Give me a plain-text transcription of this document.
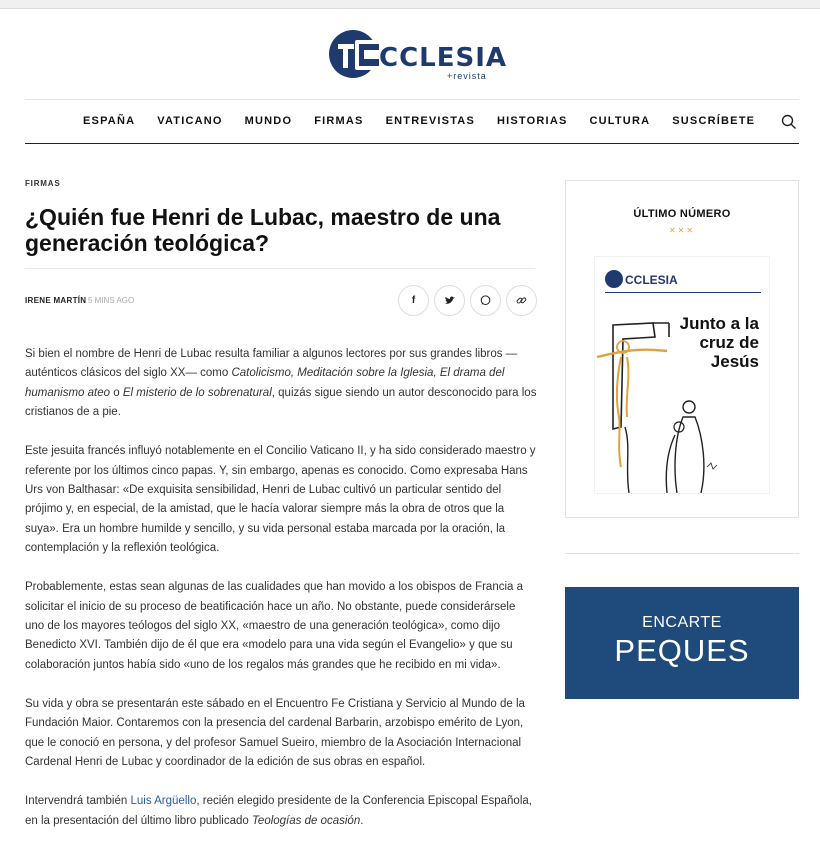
CCLESIA
+revista
ESPAÑA VATICANO MUNDO FIRMAS ENTREVISTAS HISTORIAS CULTURA SUSCRÍBETE
FIRMAS
¿Quién fue Henri de Lubac, maestro de una generación teológica?
IRENE MARTÍN 5 MINS AGO	f

Si bien el nombre de Henri de Lubac resulta familiar a algunos lectores por sus grandes libros — auténticos clásicos del siglo XX— como Catolicismo, Meditación sobre la Iglesia, El drama del humanismo ateo o El misterio de lo sobrenatural, quizás sigue siendo un autor desconocido para los cristianos de a pie.

Este jesuita francés influyó notablemente en el Concilio Vaticano II, y ha sido considerado maestro y referente por los últimos cinco papas. Y, sin embargo, apenas es conocido. Como expresaba Hans Urs von Balthasar: «De exquisita sensibilidad, Henri de Lubac cultivó un particular sentido del prójimo y, en especial, de la amistad, que le hacía valorar siempre más la obra de otros que la suya». Era un hombre humilde y sencillo, y su vida personal estaba marcada por la oración, la contemplación y la reflexión teológica.

Probablemente, estas sean algunas de las cualidades que han movido a los obispos de Francia a solicitar el inicio de su proceso de beatificación hace un año. No obstante, puede considerársele uno de los mayores teólogos del siglo XX, «maestro de una generación teológica», como dijo Benedicto XVI. También dijo de él que era «modelo para una vida según el Evangelio» y que su colaboración juntos había sido «uno de los regalos más grandes que he recibido en mi vida».

Su vida y obra se presentarán este sábado en el Encuentro Fe Cristiana y Servicio al Mundo de la Fundación Maior. Contaremos con la presencia del cardenal Barbarin, arzobispo emérito de Lyon, que le conoció en persona, y del profesor Samuel Sueiro, miembro de la Asociación Internacional Cardenal Henri de Lubac y coordinador de la edición de sus obras en español.

Intervendrá también Luis Argüello, recién elegido presidente de la Conferencia Episcopal Española, en la presentación del último libro publicado Teologías de ocasión.

ÚLTIMO NÚMERO
✕✕✕
CCLESIA
Junto a la cruz de Jesús
ENCARTE
PEQUES
